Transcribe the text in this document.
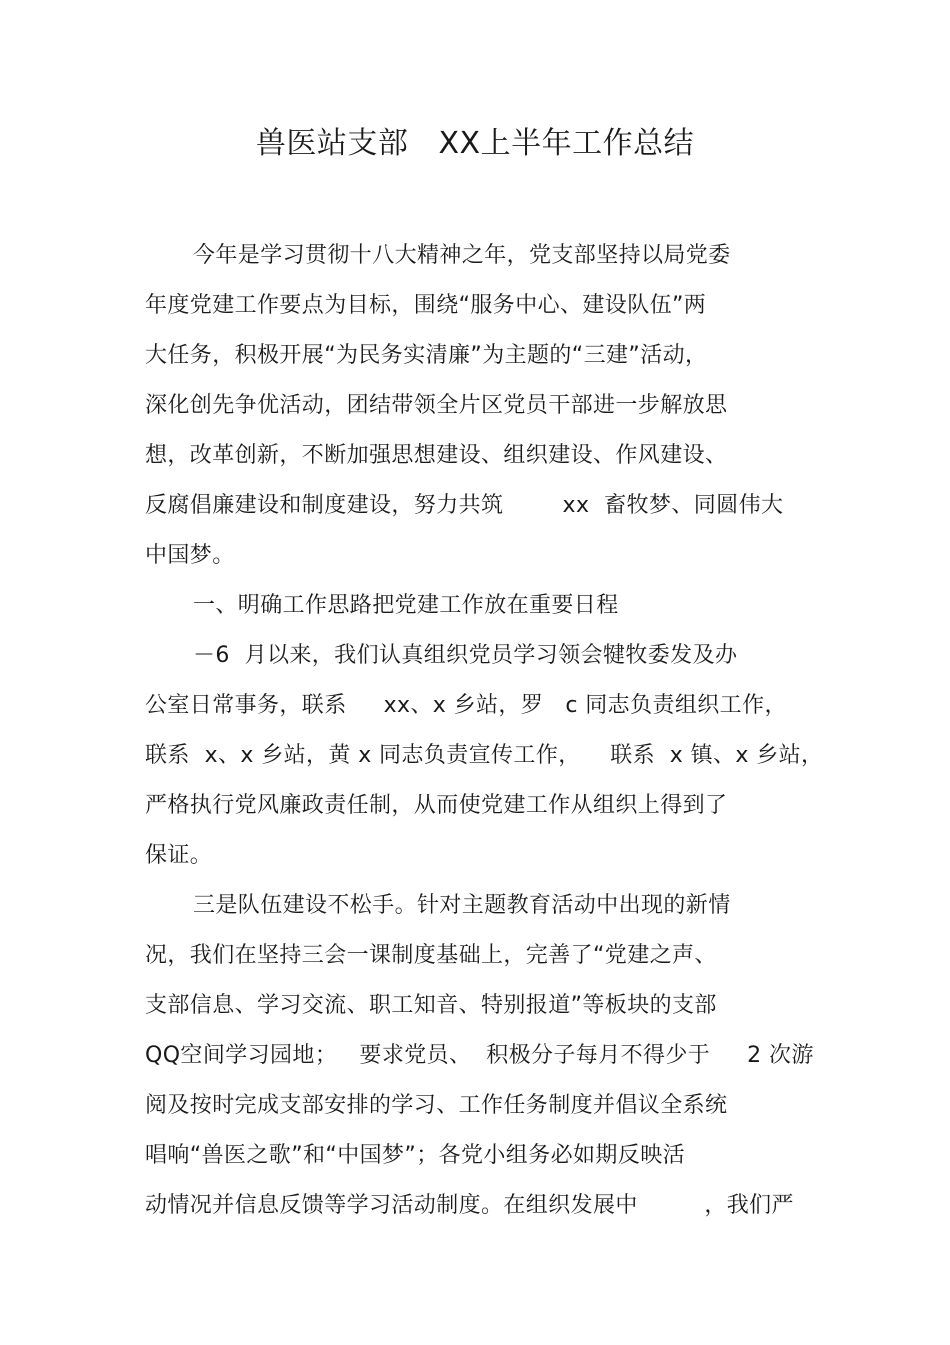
兽医站支部   XX上半年工作总结
今年是学习贯彻十八大精神之年，党支部坚持以局党委
年度党建工作要点为目标，围绕“服务中心、建设队伍”两
大任务，积极开展“为民务实清廉”为主题的“三建”活动，
深化创先争优活动，团结带领全片区党员干部进一步解放思
想，改革创新，不断加强思想建设、组织建设、作风建设、
反腐倡廉建设和制度建设，努力共筑        xx  畜牧梦、同圆伟大
中国梦。
一、明确工作思路把党建工作放在重要日程
－6  月以来，我们认真组织党员学习领会犍牧委发及办
公室日常事务，联系     xx、x 乡站，罗   c 同志负责组织工作，
联系  x、x 乡站，黄 x 同志负责宣传工作，    联系  x 镇、x 乡站，
严格执行党风廉政责任制，从而使党建工作从组织上得到了
保证。
三是队伍建设不松手。针对主题教育活动中出现的新情
况，我们在坚持三会一课制度基础上，完善了“党建之声、
支部信息、学习交流、职工知音、特别报道”等板块的支部
QQ空间学习园地；   要求党员、  积极分子每月不得少于     2 次游
阅及按时完成支部安排的学习、工作任务制度并倡议全系统
唱响“兽医之歌”和“中国梦”；各党小组务必如期反映活
动情况并信息反馈等学习活动制度。在组织发展中         ，我们严
